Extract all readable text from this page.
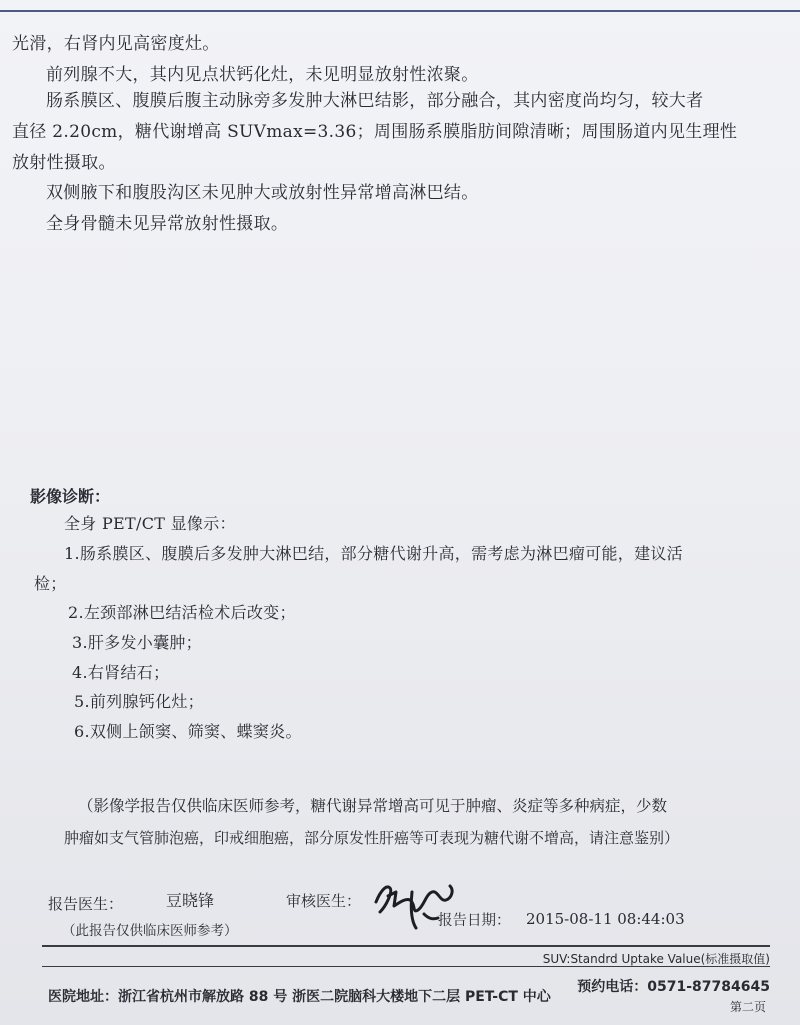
光滑，右肾内见高密度灶。
前列腺不大，其内见点状钙化灶，未见明显放射性浓聚。
肠系膜区、腹膜后腹主动脉旁多发肿大淋巴结影，部分融合，其内密度尚均匀，较大者
直径 2.20cm，糖代谢增高 SUVmax=3.36；周围肠系膜脂肪间隙清晰；周围肠道内见生理性
放射性摄取。
双侧腋下和腹股沟区未见肿大或放射性异常增高淋巴结。
全身骨髓未见异常放射性摄取。
影像诊断：
全身 PET/CT 显像示：
1.肠系膜区、腹膜后多发肿大淋巴结，部分糖代谢升高，需考虑为淋巴瘤可能，建议活
检；
2.左颈部淋巴结活检术后改变；
3.肝多发小囊肿；
4.右肾结石；
5.前列腺钙化灶；
6.双侧上颌窦、筛窦、蝶窦炎。
（影像学报告仅供临床医师参考，糖代谢异常增高可见于肿瘤、炎症等多种病症，少数
肿瘤如支气管肺泡癌，印戒细胞癌，部分原发性肝癌等可表现为糖代谢不增高，请注意鉴别）
报告医生：	豆晓锋	审核医生：
（此报告仅供临床医师参考）
报告日期： 2015-08-11 08:44:03
SUV:Standrd Uptake Value(标准摄取值)
医院地址：浙江省杭州市解放路 88 号 浙医二院脑科大楼地下二层 PET-CT 中心
预约电话：0571-87784645
第二页
